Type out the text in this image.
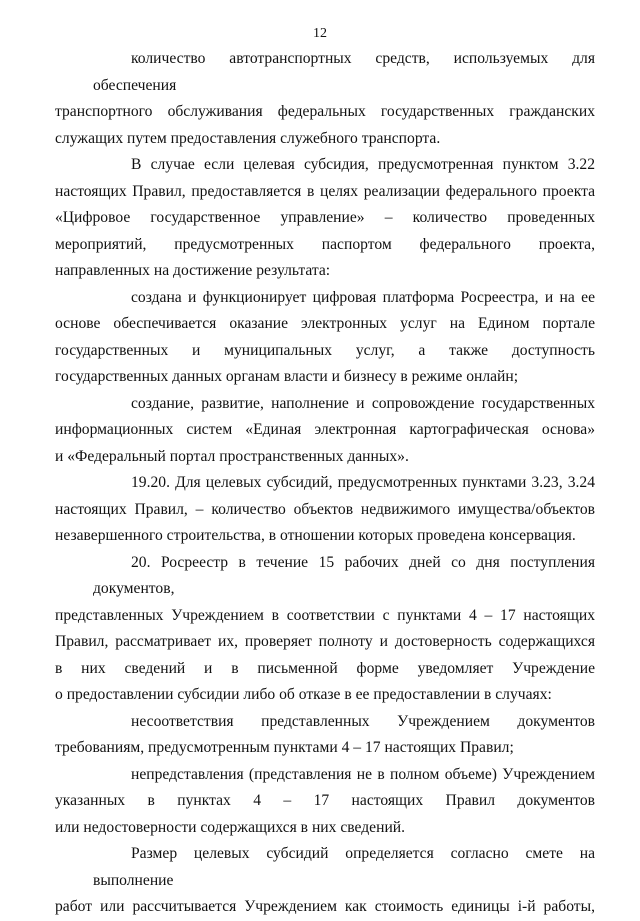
12

количество автотранспортных средств, используемых для обеспечения
транспортного обслуживания федеральных государственных гражданских
служащих путем предоставления служебного транспорта.

В случае если целевая субсидия, предусмотренная пунктом 3.22
настоящих Правил, предоставляется в целях реализации федерального проекта
«Цифровое государственное управление» – количество проведенных
мероприятий, предусмотренных паспортом федерального проекта,
направленных на достижение результата:

создана и функционирует цифровая платформа Росреестра, и на ее
основе обеспечивается оказание электронных услуг на Едином портале
государственных и муниципальных услуг, а также доступность
государственных данных органам власти и бизнесу в режиме онлайн;

создание, развитие, наполнение и сопровождение государственных
информационных систем «Единая электронная картографическая основа»
и «Федеральный портал пространственных данных».

19.20. Для целевых субсидий, предусмотренных пунктами 3.23, 3.24
настоящих Правил, – количество объектов недвижимого имущества/объектов
незавершенного строительства, в отношении которых проведена консервация.

20. Росреестр в течение 15 рабочих дней со дня поступления документов,
представленных Учреждением в соответствии с пунктами 4 – 17 настоящих
Правил, рассматривает их, проверяет полноту и достоверность содержащихся
в них сведений и в письменной форме уведомляет Учреждение
о предоставлении субсидии либо об отказе в ее предоставлении в случаях:

несоответствия представленных Учреждением документов
требованиям, предусмотренным пунктами 4 – 17 настоящих Правил;

непредставления (представления не в полном объеме) Учреждением
указанных в пунктах 4 – 17 настоящих Правил документов
или недостоверности содержащихся в них сведений.

Размер целевых субсидий определяется согласно смете на выполнение
работ или рассчитывается Учреждением как стоимость единицы i-й работы,
